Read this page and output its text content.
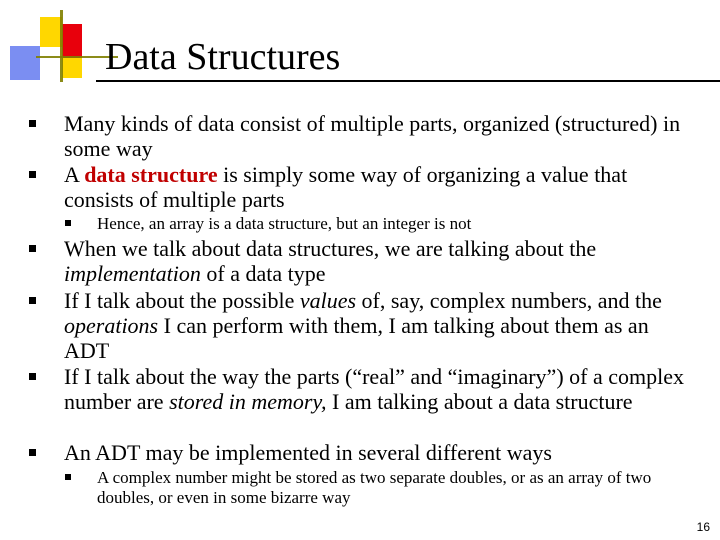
Data Structures
Many kinds of data consist of multiple parts, organized (structured) in some way
A data structure is simply some way of organizing a value that consists of multiple parts
Hence, an array is a data structure, but an integer is not
When we talk about data structures, we are talking about the implementation of a data type
If I talk about the possible values of, say, complex numbers, and the operations I can perform with them, I am talking about them as an ADT
If I talk about the way the parts (“real” and “imaginary”) of a complex number are stored in memory, I am talking about a data structure
An ADT may be implemented in several different ways
A complex number might be stored as two separate doubles, or as an array of two doubles, or even in some bizarre way
16
